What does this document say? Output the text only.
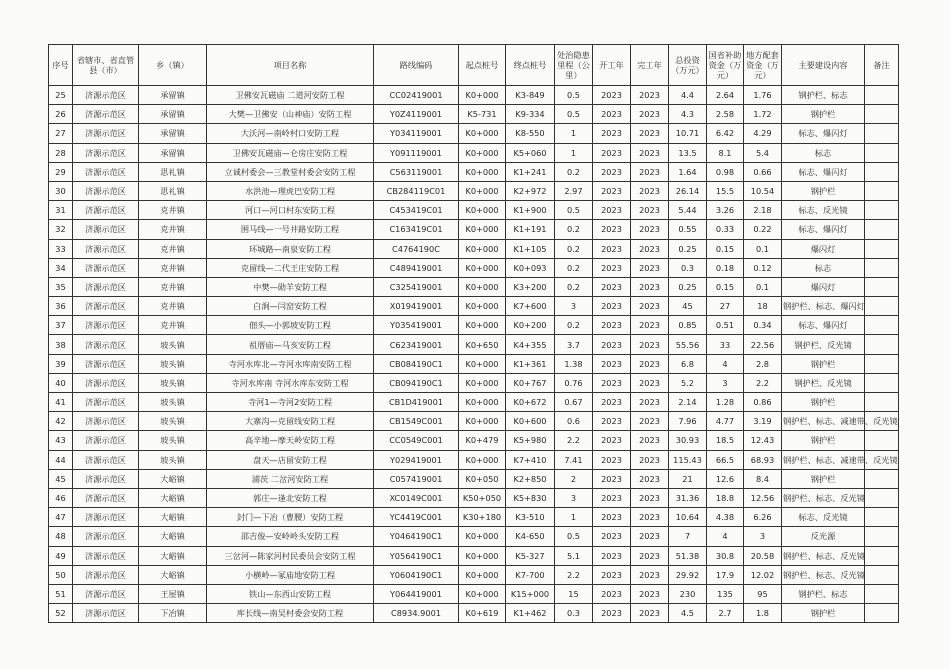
序号	省辖市、省直管县（市）	乡（镇）	项目名称	路线编码	起点桩号	终点桩号	处治隐患里程（公里）	开工年	完工年	总投资（万元）	国省补助资金（万元）	地方配套资金（万元）	主要建设内容	备注
25	济源示范区	承留镇	卫佛安瓦磁庙 二道河安防工程	CC02419001	K0+000	K3-849	0.5	2023	2023	4.4	2.64	1.76	钢护栏、标志	
26	济源示范区	承留镇	大樊—卫佛安（山神庙）安防工程	Y0Z4119001	K5-731	K9-334	0.5	2023	2023	4.3	2.58	1.72	钢护栏	
27	济源示范区	承留镇	大沃河—南岭村口安防工程	Y034119001	K0+000	K8-550	1	2023	2023	10.71	6.42	4.29	标志、爆闪灯	
28	济源示范区	承留镇	卫佛安瓦磁庙—仑房庄安防工程	Y091119001	K0+000	K5+060	1	2023	2023	13.5	8.1	5.4	标志	
29	济源示范区	思礼镇	立诚村委会—三教堂村委会安防工程	C563119001	K0+000	K1+241	0.2	2023	2023	1.64	0.98	0.66	标志、爆闪灯	
30	济源示范区	思礼镇	水洪池—理虎巴安防工程	CB284119C01	K0+000	K2+972	2.97	2023	2023	26.14	15.5	10.54	钢护栏	
31	济源示范区	克井镇	河口—河口村东安防工程	C453419C01	K0+000	K1+900	0.5	2023	2023	5.44	3.26	2.18	标志、反光镜	
32	济源示范区	克井镇	围马线—一号井路安防工程	C163419C01	K0+000	K1+191	0.2	2023	2023	0.55	0.33	0.22	标志、爆闪灯	
33	济源示范区	克井镇	环城路—南泉安防工程	C4764190C	K0+000	K1+105	0.2	2023	2023	0.25	0.15	0.1	爆闪灯	
34	济源示范区	克井镇	克留线—二代王庄安防工程	C489419001	K0+000	K0+093	0.2	2023	2023	0.3	0.18	0.12	标志	
35	济源示范区	克井镇	中樊—勋羊安防工程	C325419001	K0+000	K3+200	0.2	2023	2023	0.25	0.15	0.1	爆闪灯	
36	济源示范区	克井镇	白涧—闫窑安防工程	X019419001	K0+000	K7+600	3	2023	2023	45	27	18	钢护栏、标志、爆闪灯	
37	济源示范区	克井镇	佃头—小郭坡安防工程	Y035419001	K0+000	K0+200	0.2	2023	2023	0.85	0.51	0.34	标志、爆闪灯	
38	济源示范区	坡头镇	祖厝庙—马亥安防工程	C623419001	K0+650	K4+355	3.7	2023	2023	55.56	33	22.56	钢护栏、反光镜	
39	济源示范区	坡头镇	寺河水库北—寺河水库南安防工程	CB084190C1	K0+000	K1+361	1.38	2023	2023	6.8	4	2.8	钢护栏	
40	济源示范区	坡头镇	寺河水库南 寺河水库东安防工程	CB094190C1	K0+000	K0+767	0.76	2023	2023	5.2	3	2.2	钢护栏、反光镜	
41	济源示范区	坡头镇	寺河1—寺河2安防工程	CB1D419001	K0+000	K0+672	0.67	2023	2023	2.14	1.28	0.86	钢护栏	
42	济源示范区	坡头镇	大寨沟—克留线安防工程	CB1549C001	K0+000	K0+600	0.6	2023	2023	7.96	4.77	3.19	钢护栏、标志、减速带、反光镜	
43	济源示范区	坡头镇	高辛地—摩天岭安防工程	CC0549C001	K0+479	K5+980	2.2	2023	2023	30.93	18.5	12.43	钢护栏	
44	济源示范区	坡头镇	盘天—店留安防工程	Y029419001	K0+000	K7+410	7.41	2023	2023	115.43	66.5	68.93	钢护栏、标志、减速带、反光镜	
45	济源示范区	大峪镇	浦茨 二岔河安防工程	C057419001	K0+050	K2+850	2	2023	2023	21	12.6	8.4	钢护栏	
46	济源示范区	大峪镇	郭庄—逢北安防工程	XC0149C001	K50+050	K5+830	3	2023	2023	31.36	18.8	12.56	钢护栏、标志、反光镜	
47	济源示范区	大峪镇	封门—下冶（曹腰）安防工程	YC4419C001	K30+180	K3-510	1	2023	2023	10.64	4.38	6.26	标志、反光镜	
48	济源示范区	大峪镇	邵吉俊—安岭岭头安防工程	Y0464190C1	K0+000	K4-650	0.5	2023	2023	7	4	3	反光源	
49	济源示范区	大峪镇	三岔河—陈家河村民委员会安防工程	Y0564190C1	K0+000	K5-327	5.1	2023	2023	51.38	30.8	20.58	钢护栏、标志、反光镜	
50	济源示范区	大峪镇	小横岭—冢庙地安防工程	Y0604190C1	K0+000	K7-700	2.2	2023	2023	29.92	17.9	12.02	钢护栏、标志、反光镜	
51	济源示范区	王屋镇	铁山—东西山安防工程	Y064419001	K0+000	K15+000	15	2023	2023	230	135	95	钢护栏、标志	
52	济源示范区	下冶镇	库长线—南吴村委会安防工程	C8934.9001	K0+619	K1+462	0.3	2023	2023	4.5	2.7	1.8	钢护栏	
